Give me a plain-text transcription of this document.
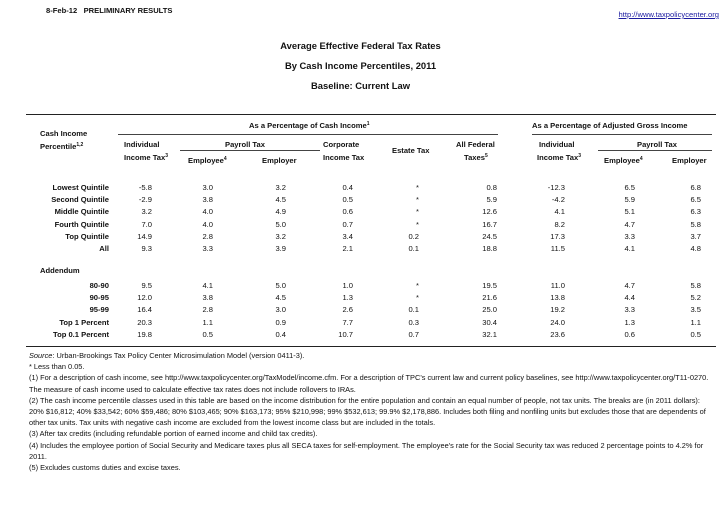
8-Feb-12 PRELIMINARY RESULTS	http://www.taxpolicycenter.org
Average Effective Federal Tax Rates
By Cash Income Percentiles, 2011
Baseline: Current Law
As a Percentage of Cash Income$^1$	As a Percentage of Adjusted Gross Income
Cash Income
Percentile$^{1,2}$	Individual
Income Tax$^3$
Payroll Tax
Employee$^4$	Employer
Corporate
Income Tax
Estate Tax
All Federal
Taxes$^5$
Individual
Income Tax$^3$
Payroll Tax
Employee$^4$	Employer
Lowest Quintile	-5.8	3.0	3.2	0.4	*	0.8	-12.3	6.5	6.8
Second Quintile	-2.9	3.8	4.5	0.5	*	5.9	-4.2	5.9	6.5
Middle Quintile	3.2	4.0	4.9	0.6	*	12.6	4.1	5.1	6.3
Fourth Quintile	7.0	4.0	5.0	0.7	*	16.7	8.2	4.7	5.8
Top Quintile	14.9	2.8	3.2	3.4	0.2	24.5	17.3	3.3	3.7
All	9.3	3.3	3.9	2.1	0.1	18.8	11.5	4.1	4.8
80-90	9.5	4.1	5.0	1.0	*	19.5	11.0	4.7	5.8
90-95	12.0	3.8	4.5	1.3	*	21.6	13.8	4.4	5.2
95-99	16.4	2.8	3.0	2.6	0.1	25.0	19.2	3.3	3.5
Top 1 Percent	20.3	1.1	0.9	7.7	0.3	30.4	24.0	1.3	1.1
Top 0.1 Percent	19.8	0.5	0.4	10.7	0.7	32.1	23.6	0.6	0.5
Addendum
Source: Urban-Brookings Tax Policy Center Microsimulation Model (version 0411-3).
* Less than 0.05.
(1) For a description of cash income, see http://www.taxpolicycenter.org/TaxModel/income.cfm. For a description of TPC's current law and current policy baselines, see http://www.taxpolicycenter.org/T11-0270. The measure of cash income used to calculate effective tax rates does not include rollovers to IRAs.
(2) The cash income percentile classes used in this table are based on the income distribution for the entire population and contain an equal number of people, not tax units. The breaks are (in 2011 dollars): 20% $16,812; 40% $33,542; 60% $59,486; 80% $103,465; 90% $163,173; 95% $210,998; 99% $532,613; 99.9% $2,178,886. Includes both filing and nonfiling units but excludes those that are dependents of other tax units. Tax units with negative cash income are excluded from the lowest income class but are included in the totals.
(3) After tax credits (including refundable portion of earned income and child tax credits).
(4) Includes the employee portion of Social Security and Medicare taxes plus all SECA taxes for self-employment. The employee's rate for the Social Security tax was reduced 2 percentage points to 4.2% for 2011.
(5) Excludes customs duties and excise taxes.
